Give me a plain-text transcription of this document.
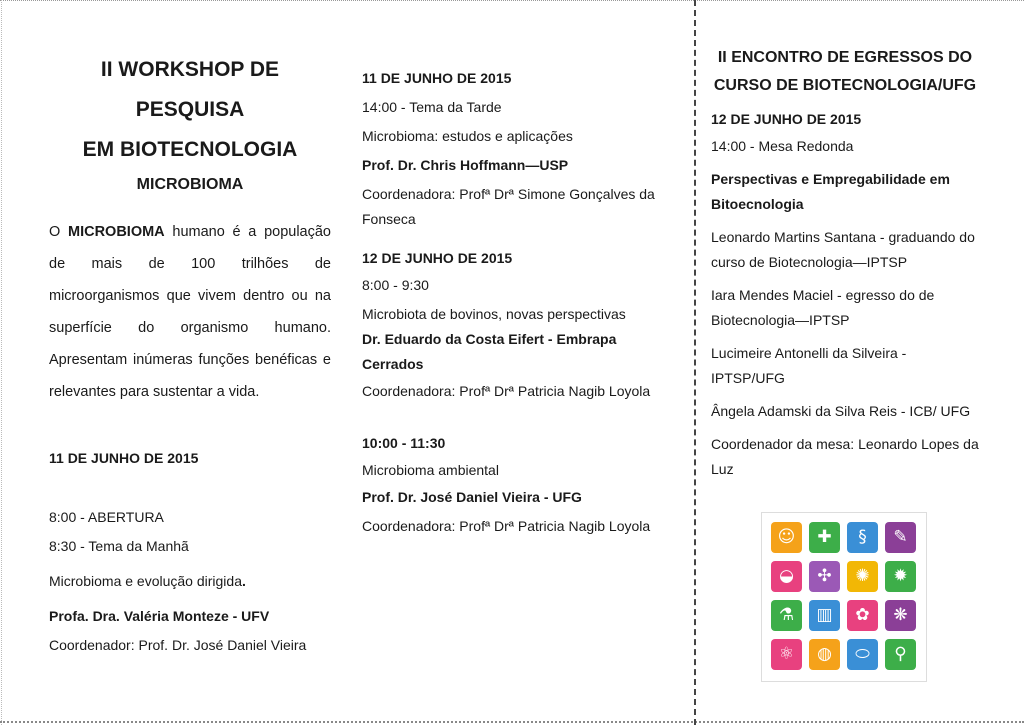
II WORKSHOP DE PESQUISA
EM BIOTECNOLOGIA
MICROBIOMA
O MICROBIOMA humano é a população de mais de 100 trilhões de microorganismos que vivem dentro ou na superfície do organismo humano. Apresentam inúmeras funções benéficas e relevantes para sustentar a vida.

11 DE JUNHO DE 2015

8:00 - ABERTURA

8:30 - Tema da Manhã

Microbioma e evolução dirigida.

Profa. Dra. Valéria Monteze - UFV

Coordenador: Prof. Dr. José Daniel Vieira

11 DE JUNHO DE 2015

14:00 - Tema da Tarde

Microbioma: estudos e aplicações

Prof. Dr. Chris Hoffmann—USP

Coordenadora: Profª Drª Simone Gonçalves da Fonseca

12 DE JUNHO DE 2015

8:00 - 9:30

Microbiota de bovinos, novas perspectivas

Dr. Eduardo da Costa Eifert - Embrapa Cerrados

Coordenadora: Profª Drª Patricia Nagib Loyola

10:00 - 11:30

Microbioma ambiental

Prof. Dr. José Daniel Vieira - UFG

Coordenadora: Profª Drª Patricia Nagib Loyola

II ENCONTRO DE EGRESSOS DO
CURSO DE BIOTECNOLOGIA/UFG

12 DE JUNHO DE 2015

14:00 - Mesa Redonda

Perspectivas e Empregabilidade em Bitoecnologia

Leonardo Martins Santana - graduando do curso de Biotecnologia—IPTSP

Iara Mendes Maciel - egresso do de Biotecnologia—IPTSP

Lucimeire Antonelli da Silveira - IPTSP/UFG

Ângela Adamski da Silva Reis - ICB/ UFG

Coordenador da mesa: Leonardo Lopes da Luz

☺	✚	§	✎
◒	✣	✺	✹
⚗	▥	✿	❋
⚛	◍	⬭	⚲
